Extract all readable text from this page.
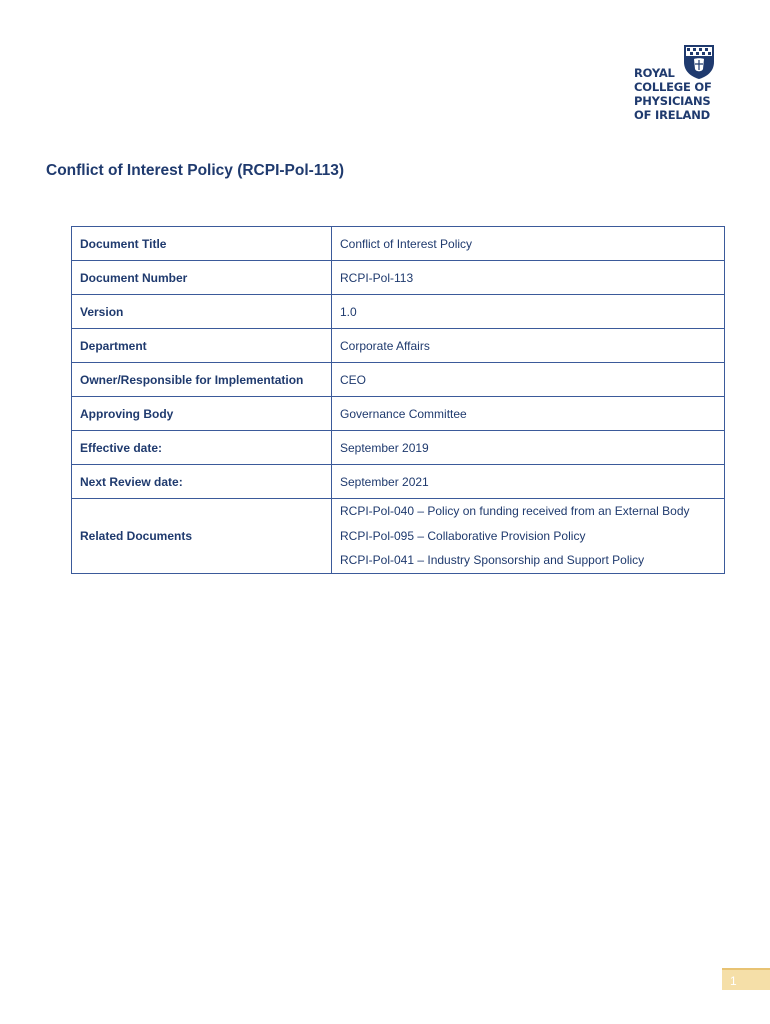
ROYAL
COLLEGE OF
PHYSICIANS
OF IRELAND
Conflict of Interest Policy (RCPI-Pol-113)
Document Title	Conflict of Interest Policy
Document Number	RCPI-Pol-113
Version	1.0
Department	Corporate Affairs
Owner/Responsible for Implementation	CEO
Approving Body	Governance Committee
Effective date:	September 2019
Next Review date:	September 2021
Related Documents	RCPI-Pol-040 – Policy on funding received from an External Body
RCPI-Pol-095 – Collaborative Provision Policy
RCPI-Pol-041 – Industry Sponsorship and Support Policy
1
